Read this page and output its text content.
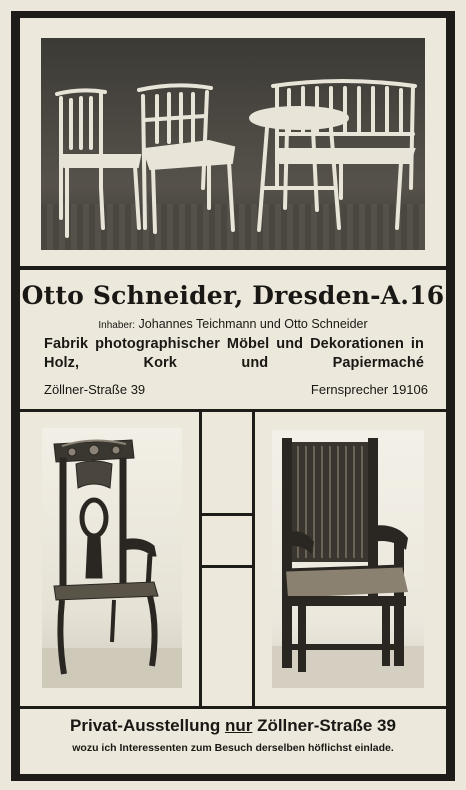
Otto Schneider, Dresden-A.16
Inhaber: Johannes Teichmann und Otto Schneider
Fabrik photographischer Möbel und Dekorationen in Holz, Kork und Papiermaché
Zöllner-Straße 39	Fernsprecher 19106
Privat-Ausstellung nur Zöllner-Straße 39
wozu ich Interessenten zum Besuch derselben höflichst einlade.
